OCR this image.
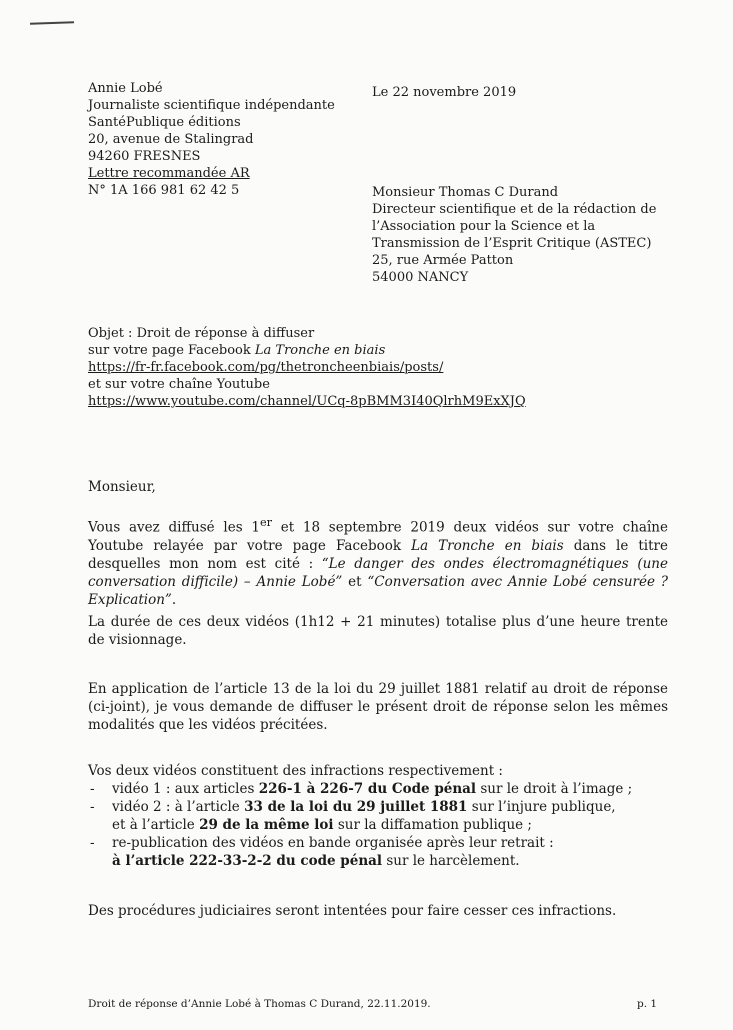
Annie Lobé
Journaliste scientifique indépendante
SantéPublique éditions
20, avenue de Stalingrad
94260 FRESNES
Lettre recommandée AR
N° 1A 166 981 62 42 5
Le 22 novembre 2019
Monsieur Thomas C Durand
Directeur scientifique et de la rédaction de
l’Association pour la Science et la
Transmission de l’Esprit Critique (ASTEC)
25, rue Armée Patton
54000 NANCY
Objet : Droit de réponse à diffuser
sur votre page Facebook La Tronche en biais
https://fr-fr.facebook.com/pg/thetroncheenbiais/posts/
et sur votre chaîne Youtube
https://www.youtube.com/channel/UCq-8pBMM3I40QlrhM9ExXJQ
Monsieur,
Vous avez diffusé les 1er et 18 septembre 2019 deux vidéos sur votre chaîne Youtube relayée par votre page Facebook La Tronche en biais dans le titre desquelles mon nom est cité : “Le danger des ondes électromagnétiques (une conversation difficile) – Annie Lobé” et “Conversation avec Annie Lobé censurée ? Explication”.
La durée de ces deux vidéos (1h12 + 21 minutes) totalise plus d’une heure trente de visionnage.
En application de l’article 13 de la loi du 29 juillet 1881 relatif au droit de réponse (ci-joint), je vous demande de diffuser le présent droit de réponse selon les mêmes modalités que les vidéos précitées.
Vos deux vidéos constituent des infractions respectivement :
- vidéo 1 : aux articles 226-1 à 226-7 du Code pénal sur le droit à l’image ;
- vidéo 2 : à l’article 33 de la loi du 29 juillet 1881 sur l’injure publique,
et à l’article 29 de la même loi sur la diffamation publique ;
- re-publication des vidéos en bande organisée après leur retrait :
à l’article 222-33-2-2 du code pénal sur le harcèlement.
Des procédures judiciaires seront intentées pour faire cesser ces infractions.
Droit de réponse d’Annie Lobé à Thomas C Durand, 22.11.2019.	p. 1
